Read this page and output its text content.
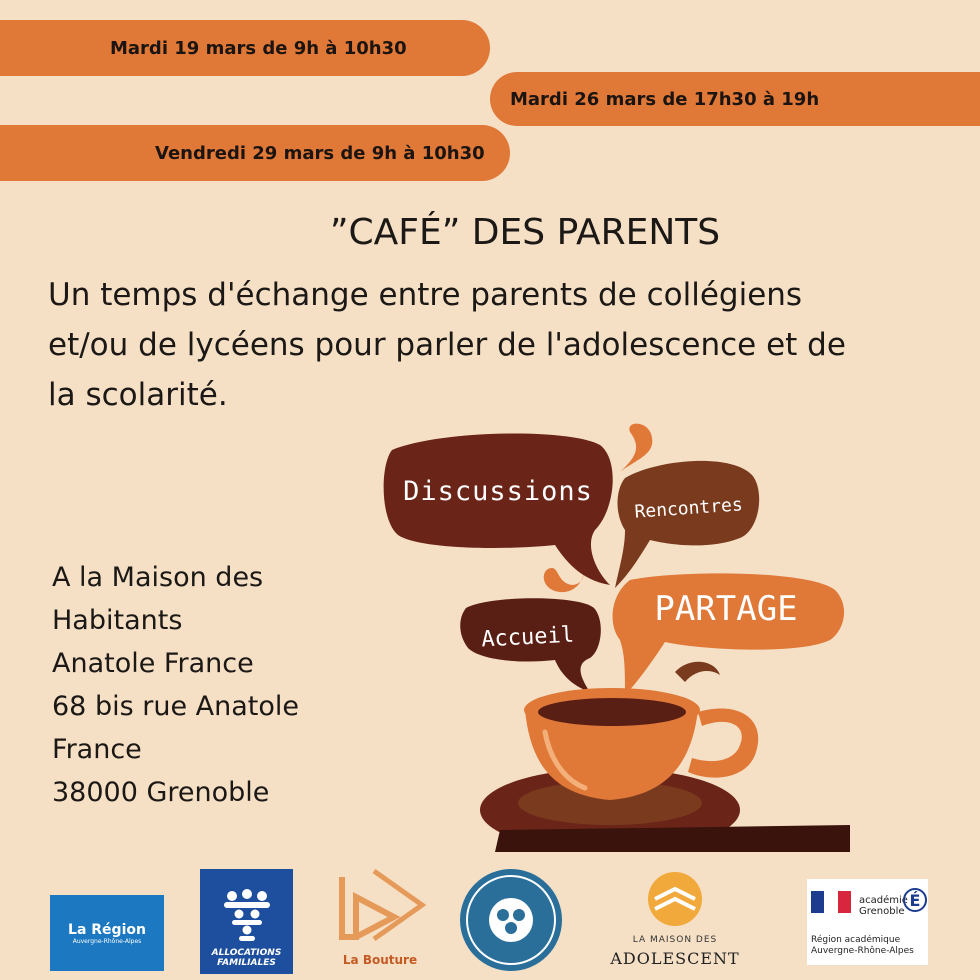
Mardi 19 mars de 9h à 10h30
Mardi 26 mars de 17h30 à 19h
Vendredi 29 mars de 9h à 10h30
”CAFÉ” DES PARENTS
Un temps d'échange entre parents de collégiens
et/ou de lycéens pour parler de l'adolescence et de
la scolarité.
A la Maison des
Habitants
Anatole France
68 bis rue Anatole
France
38000 Grenoble
Discussions
Rencontres
PARTAGE
Accueil
La Région
Auvergne-Rhône-Alpes
ALLOCATIONS
FAMILIALES	La Bouture
LA MAISON DES
ADOLESCENT
académie
Grenoble
É
Région académique
Auvergne-Rhône-Alpes
